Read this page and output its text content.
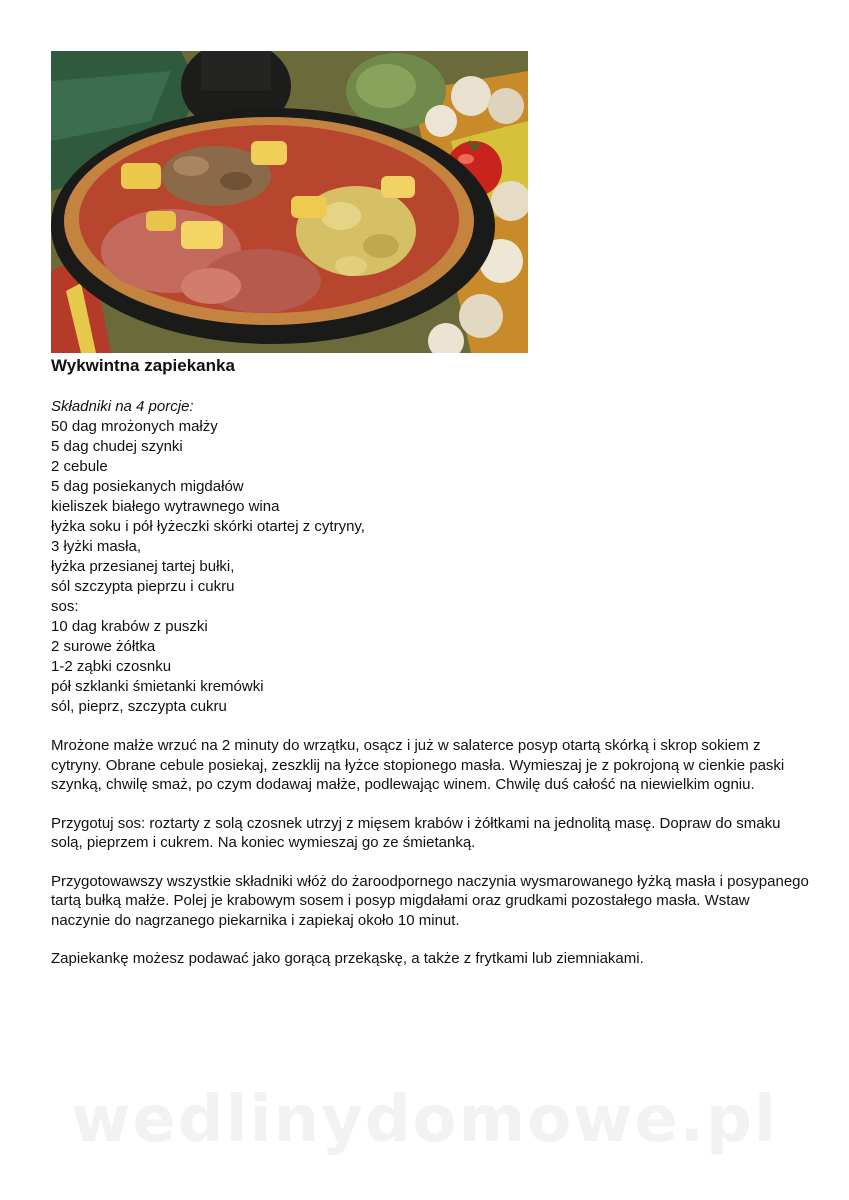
Wykwintna zapiekanka
Składniki na 4 porcje:
50 dag mrożonych małży
5 dag chudej szynki
2 cebule
5 dag posiekanych migdałów
kieliszek białego wytrawnego wina
łyżka soku i pół łyżeczki skórki otartej z cytryny,
3 łyżki masła,
łyżka przesianej tartej bułki,
sól szczypta pieprzu i cukru
sos:
10 dag krabów z puszki
2 surowe żółtka
1-2 ząbki czosnku
pół szklanki śmietanki kremówki
sól, pieprz, szczypta cukru

Mrożone małże wrzuć na 2 minuty do wrzątku, osącz i już w salaterce posyp otartą skórką i skrop sokiem z cytryny. Obrane cebule posiekaj, zeszklij na łyżce stopionego masła. Wymieszaj je z pokrojoną w cienkie paski szynką, chwilę smaż, po czym dodawaj małże, podlewając winem. Chwilę duś całość na niewielkim ogniu.

Przygotuj sos: roztarty z solą czosnek utrzyj z mięsem krabów i żółtkami na jednolitą masę. Dopraw do smaku solą, pieprzem i cukrem. Na koniec wymieszaj go ze śmietanką.

Przygotowawszy wszystkie składniki włóż do żaroodpornego naczynia wysmarowanego łyżką masła i posypanego tartą bułką małże. Polej je krabowym sosem i posyp migdałami oraz grudkami pozostałego masła. Wstaw naczynie do nagrzanego piekarnika i zapiekaj około 10 minut.

Zapiekankę możesz podawać jako gorącą przekąskę, a także z frytkami lub ziemniakami.

wedlinydomowe.pl
